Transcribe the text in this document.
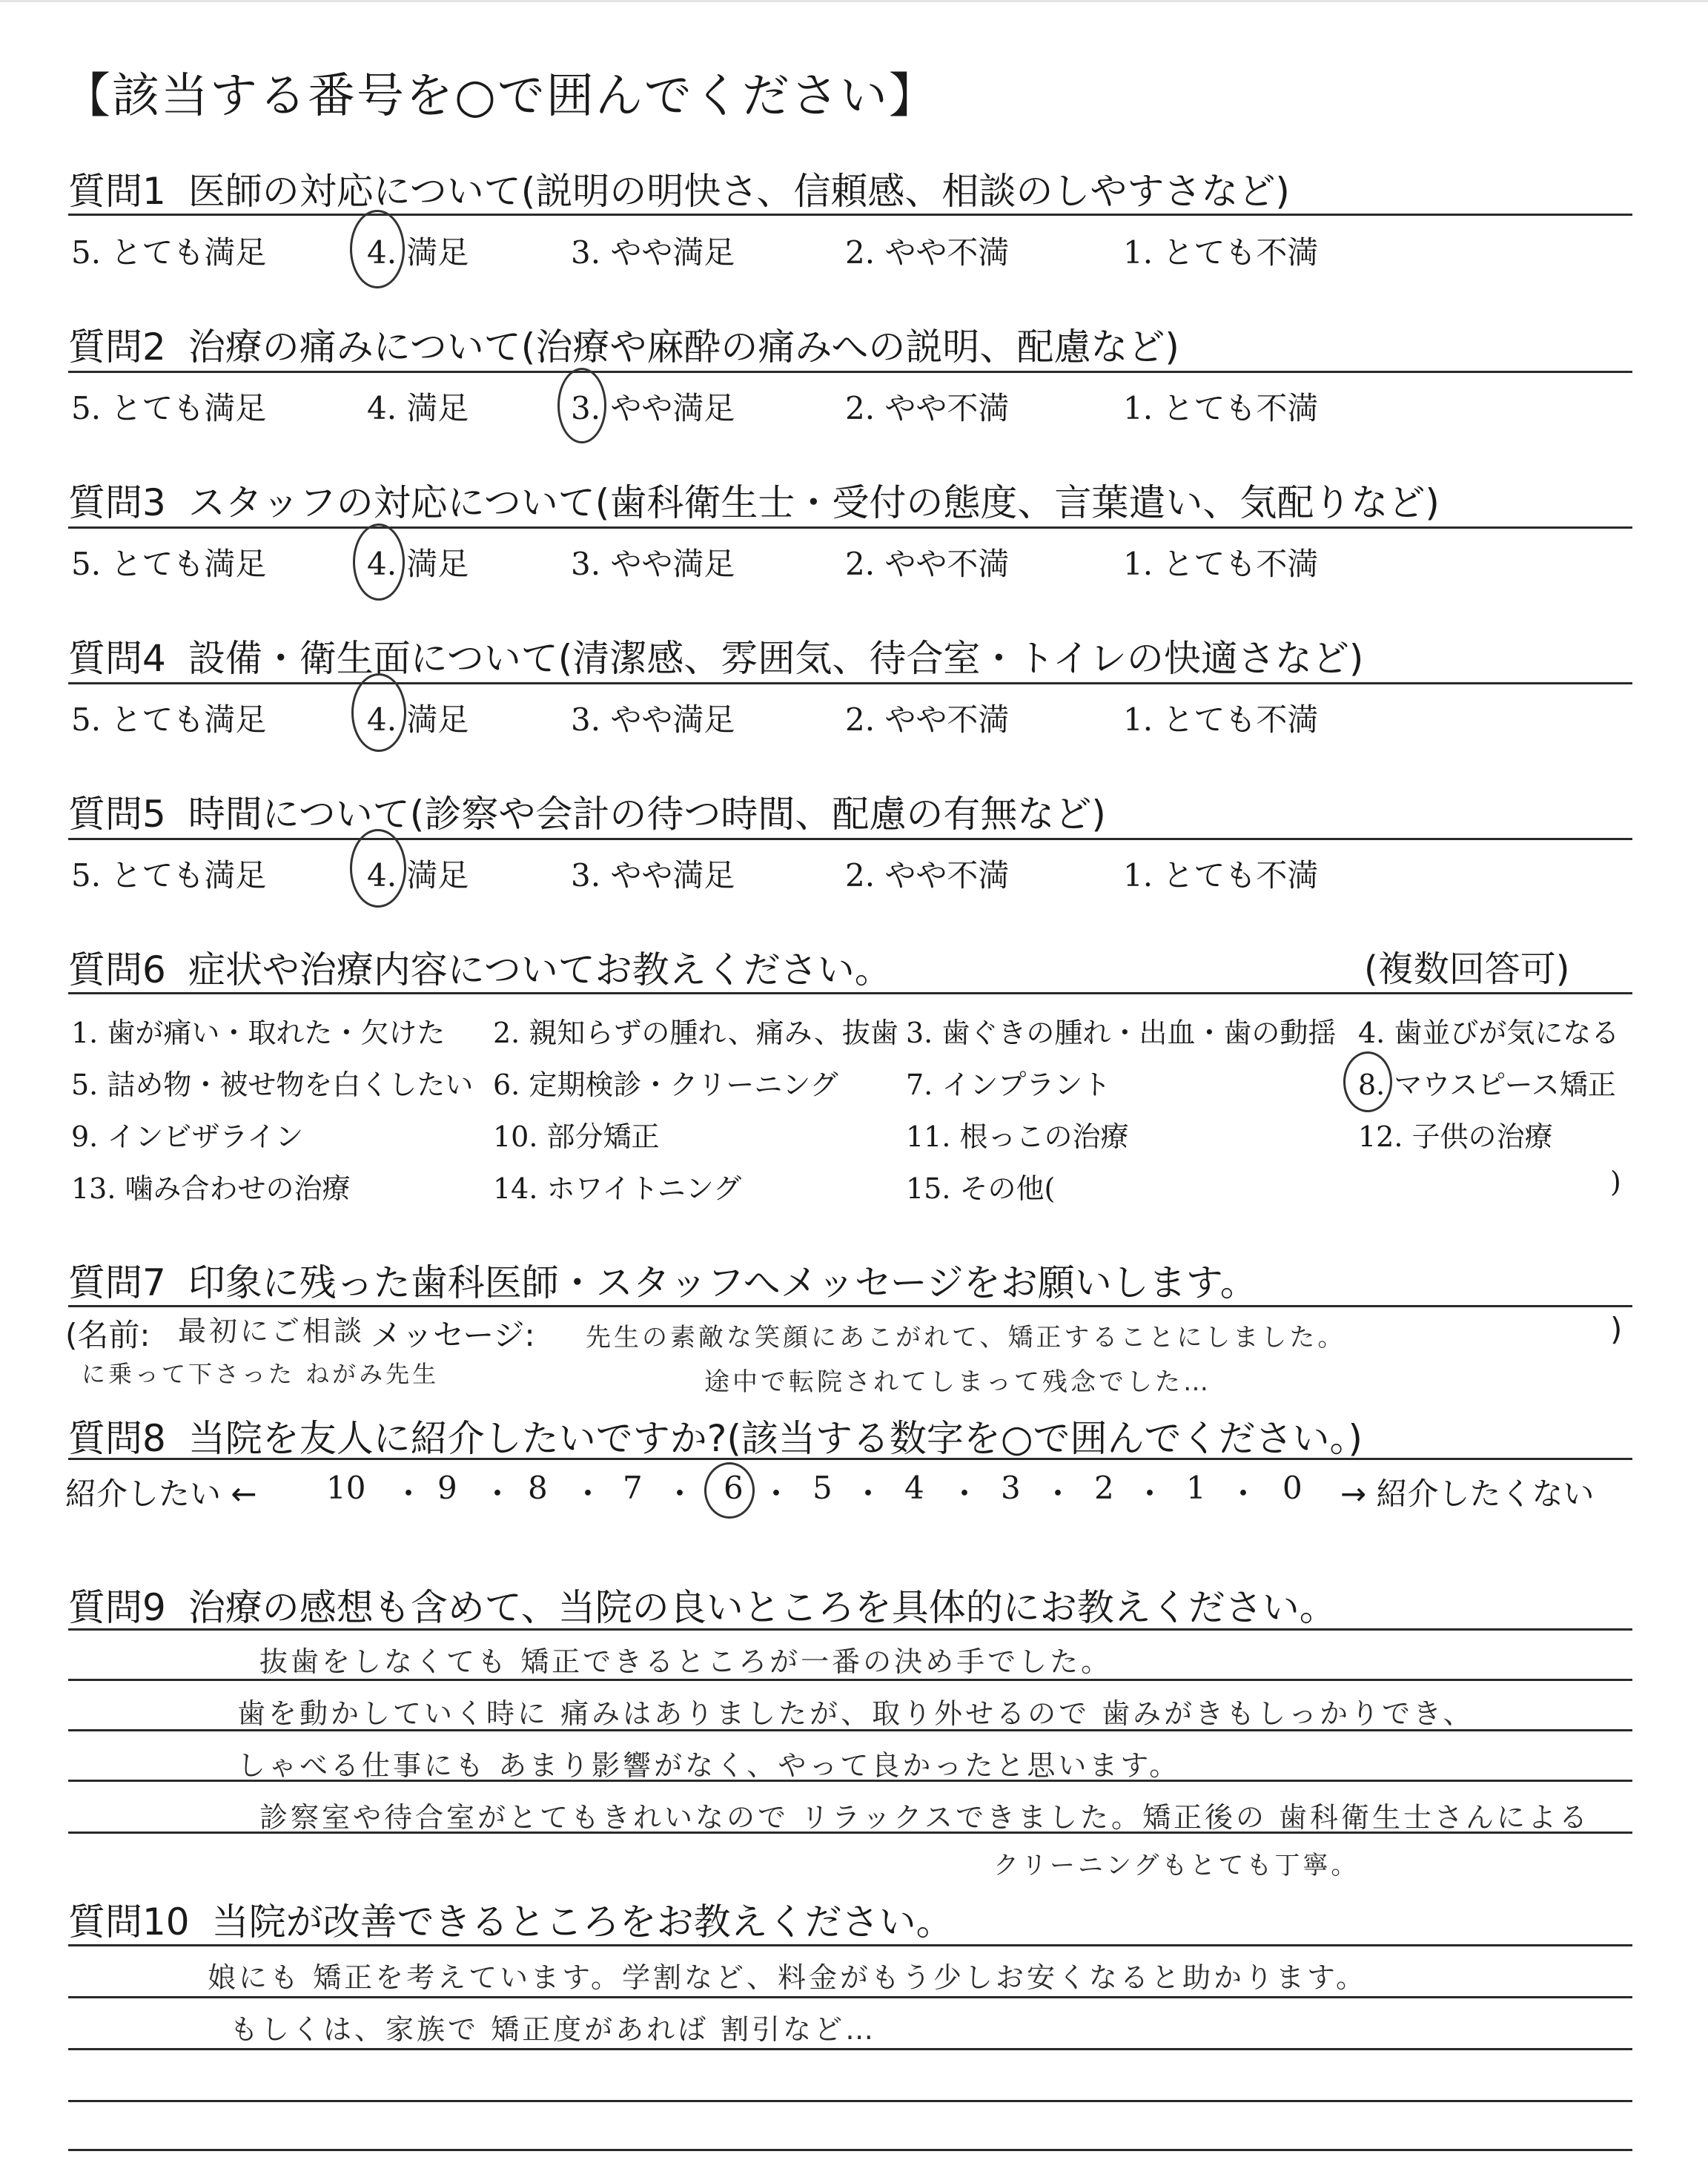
【該当する番号を○で囲んでください】
質問1 医師の対応について(説明の明快さ、信頼感、相談のしやすさなど)
5. とても満足	4. 満足	3. やや満足	2. やや不満	1. とても不満
質問2 治療の痛みについて(治療や麻酔の痛みへの説明、配慮など)
5. とても満足	4. 満足	3. やや満足	2. やや不満	1. とても不満
質問3 スタッフの対応について(歯科衛生士・受付の態度、言葉遣い、気配りなど)
5. とても満足	4. 満足	3. やや満足	2. やや不満	1. とても不満
質問4 設備・衛生面について(清潔感、雰囲気、待合室・トイレの快適さなど)
5. とても満足	4. 満足	3. やや満足	2. やや不満	1. とても不満
質問5 時間について(診察や会計の待つ時間、配慮の有無など)
5. とても満足	4. 満足	3. やや満足	2. やや不満	1. とても不満
質問6 症状や治療内容についてお教えください。	(複数回答可)
1. 歯が痛い・取れた・欠けた 2. 親知らずの腫れ、痛み、抜歯 3. 歯ぐきの腫れ・出血・歯の動揺 4. 歯並びが気になる
5. 詰め物・被せ物を白くしたい 6. 定期検診・クリーニング 7. インプラント	8. マウスピース矯正
9. インビザライン	10. 部分矯正	11. 根っこの治療	12. 子供の治療
13. 噛み合わせの治療	14. ホワイトニング	15. その他(	)
質問7 印象に残った歯科医師・スタッフへメッセージをお願いします。
(名前: 最初にご相談
に乗って下さった ねがみ先生
メッセージ: 先生の素敵な笑顔にあこがれて、矯正することにしました。
途中で転院されてしまって残念でした…
)
質問8 当院を友人に紹介したいですか?(該当する数字を○で囲んでください。)
紹介したい ← 10 ・ 9 ・ 8 ・ 7 ・ 6 ・ 5 ・ 4 ・ 3 ・ 2 ・ 1 ・ 0 → 紹介したくない
質問9 治療の感想も含めて、当院の良いところを具体的にお教えください。
抜歯をしなくても 矯正できるところが一番の決め手でした。
歯を動かしていく時に 痛みはありましたが、取り外せるので 歯みがきもしっかりでき、
しゃべる仕事にも あまり影響がなく、やって良かったと思います。
診察室や待合室がとてもきれいなので リラックスできました。矯正後の 歯科衛生士さんによる
クリーニングもとても丁寧。
質問10 当院が改善できるところをお教えください。
娘にも 矯正を考えています。学割など、料金がもう少しお安くなると助かります。
もしくは、家族で 矯正度があれば 割引など…
